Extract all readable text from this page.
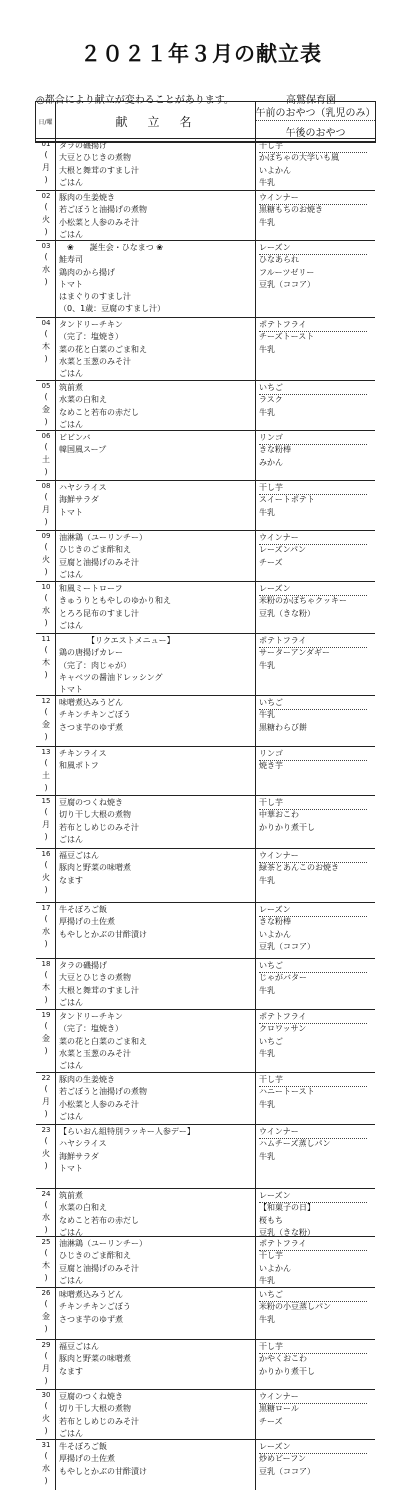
２０２１年３月の献立表
◎都合により献立が変わることがあります。	高鷲保育園
日/曜	献　立　名
午前のおやつ（乳児のみ）
午後のおやつ
01
(
月
)
タラの磯揚げ
大豆とひじきの煮物
大根と舞茸のすまし汁
ごはん
干し芋
かぼちゃの大学いも風
いよかん
牛乳
02
(
火
)
豚肉の生姜焼き
若ごぼうと油揚げの煮物
小松菜と人参のみそ汁
ごはん
ウインナー
黒糖もちのお焼き
牛乳
03
(
水
)
　❀　　誕生会・ひなまつ ❀
鮭寿司
鶏肉のから揚げ
トマト
はまぐりのすまし汁
（0、1歳：豆腐のすまし汁）
レーズン
ひなあられ
フルーツゼリー
豆乳（ココア）
04
(
木
)
タンドリーチキン
（完了：塩焼き）
菜の花と白菜のごま和え
水菜と玉葱のみそ汁
ごはん
ポテトフライ
チーズトースト
牛乳
05
(
金
)
筑前煮
水菜の白和え
なめこと若布の赤だし
ごはん
いちご
ラスク
牛乳
06
(
土
)
ビビンバ
韓国風スープ
リンゴ
きな粉棒
みかん
08
(
月
)
ハヤシライス
海鮮サラダ
トマト
干し芋
スイートポテト
牛乳
09
(
火
)
油淋鶏（ユーリンチー）
ひじきのごま酢和え
豆腐と油揚げのみそ汁
ごはん
ウインナー
レーズンパン
チーズ
10
(
水
)
和風ミートローフ
きゅうりともやしのゆかり和え
とろろ昆布のすまし汁
ごはん
レーズン
米粉のかぼちゃクッキー
豆乳（きな粉）
11
(
木
)
　　　　【リクエストメニュー】
鶏の唐揚げカレー
（完了：肉じゃが）
キャベツの醤油ドレッシング
トマト
ポテトフライ
サーターアンダギー
牛乳
12
(
金
)
味噌煮込みうどん
チキンチキンごぼう
さつま芋のゆず煮
いちご
牛乳
黒糖わらび餅
13
(
土
)
チキンライス
和風ポトフ
リンゴ
焼き芋
15
(
月
)
豆腐のつくね焼き
切り干し大根の煮物
若布としめじのみそ汁
ごはん
干し芋
中華おこわ
かりかり煮干し
16
(
火
)
福豆ごはん
豚肉と野菜の味噌煮
なます
ウインナー
緑茶とあんこのお焼き
牛乳
17
(
水
)
牛そぼろご飯
厚揚げの土佐煮
もやしとかぶの甘酢漬け
レーズン
きな粉棒
いよかん
豆乳（ココア）
18
(
木
)
タラの磯揚げ
大豆とひじきの煮物
大根と舞茸のすまし汁
ごはん
いちご
じゃがバター
牛乳
19
(
金
)
タンドリーチキン
（完了：塩焼き）
菜の花と白菜のごま和え
水菜と玉葱のみそ汁
ごはん
ポテトフライ
クロワッサン
いちご
牛乳
22
(
月
)
豚肉の生姜焼き
若ごぼうと油揚げの煮物
小松菜と人参のみそ汁
ごはん
干し芋
ハニートースト
牛乳
23
(
火
)
【らいおん組特別ラッキー人参デー】
ハヤシライス
海鮮サラダ
トマト
ウインナー
ハムチーズ蒸しパン
牛乳
24
(
水
)
筑前煮
水菜の白和え
なめこと若布の赤だし
ごはん
レーズン
【和菓子の日】
桜もち
豆乳（きな粉）
25
(
木
)
油淋鶏（ユーリンチー）
ひじきのごま酢和え
豆腐と油揚げのみそ汁
ごはん
ポテトフライ
干し芋
いよかん
牛乳
26
(
金
)
味噌煮込みうどん
チキンチキンごぼう
さつま芋のゆず煮
いちご
米粉の小豆蒸しパン
牛乳
29
(
月
)
福豆ごはん
豚肉と野菜の味噌煮
なます
干し芋
かやくおこわ
かりかり煮干し
30
(
火
)
豆腐のつくね焼き
切り干し大根の煮物
若布としめじのみそ汁
ごはん
ウインナー
黒糖ロール
チーズ
31
(
水
)
牛そぼろご飯
厚揚げの土佐煮
もやしとかぶの甘酢漬け
レーズン
炒めビーフン
豆乳（ココア）
